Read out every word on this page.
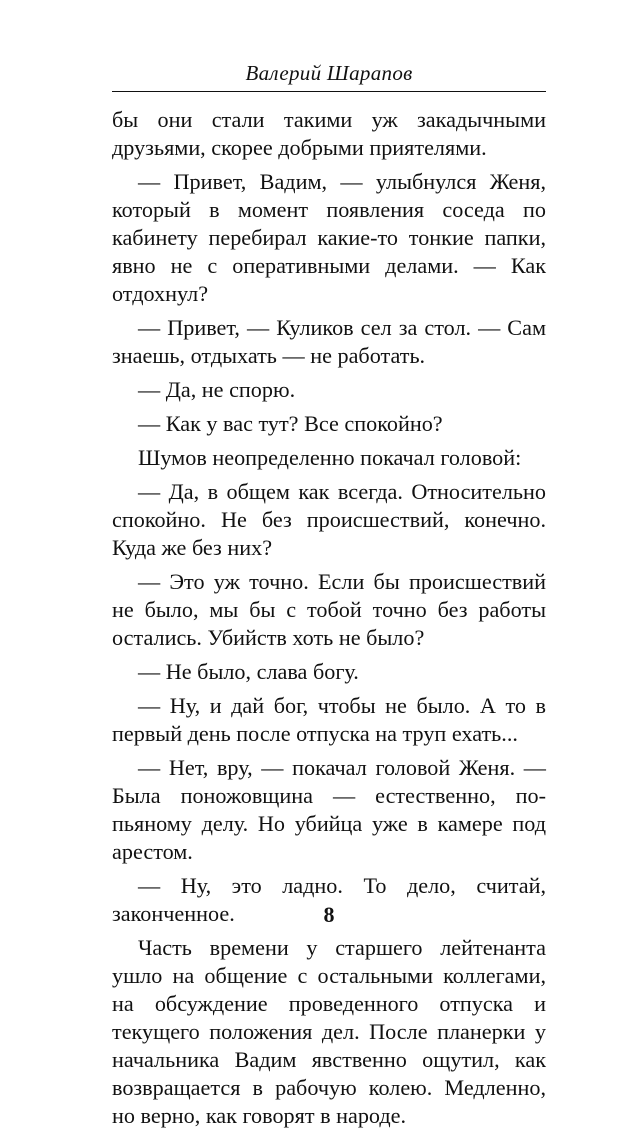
Валерий Шарапов

бы они стали такими уж закадычными друзьями, скорее добрыми приятелями.

— Привет, Вадим, — улыбнулся Женя, который в момент появления соседа по кабинету перебирал какие-то тонкие папки, явно не с оперативными делами. — Как отдохнул?

— Привет, — Куликов сел за стол. — Сам знаешь, отдыхать — не работать.

— Да, не спорю.

— Как у вас тут? Все спокойно?

Шумов неопределенно покачал головой:

— Да, в общем как всегда. Относительно спокойно. Не без происшествий, конечно. Куда же без них?

— Это уж точно. Если бы происшествий не было, мы бы с тобой точно без работы остались. Убийств хоть не было?

— Не было, слава богу.

— Ну, и дай бог, чтобы не было. А то в первый день после отпуска на труп ехать...

— Нет, вру, — покачал головой Женя. — Была поножовщина — естественно, по-пьяному делу. Но убийца уже в камере под арестом.

— Ну, это ладно. То дело, считай, законченное.

Часть времени у старшего лейтенанта ушло на общение с остальными коллегами, на обсуждение проведенного отпуска и текущего положения дел. После планерки у начальника Вадим явственно ощутил, как возвращается в рабочую колею. Медленно, но верно, как говорят в народе.

8
